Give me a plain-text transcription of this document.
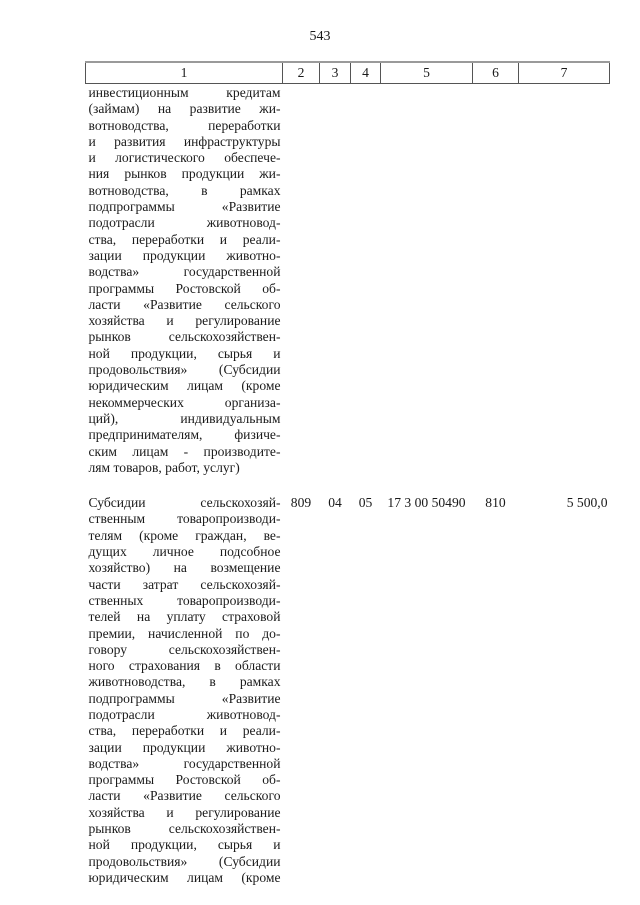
543
1	2	3	4	5	6	7

инвестиционным кредитам
(займам) на развитие жи-
вотноводства, переработки
и развития инфраструктуры
и логистического обеспече-
ния рынков продукции жи-
вотноводства, в рамках
подпрограммы «Развитие
подотрасли животновод-
ства, переработки и реали-
зации продукции животно-
водства» государственной
программы Ростовской об-
ласти «Развитие сельского
хозяйства и регулирование
рынков сельскохозяйствен-
ной продукции, сырья и
продовольствия» (Субсидии
юридическим лицам (кроме
некоммерческих организа-
ций), индивидуальным
предпринимателям, физиче-
ским лицам - производите-
лям товаров, работ, услуг)

Субсидии сельскохозяй-
ственным товаропроизводи-
телям (кроме граждан, ве-
дущих личное подсобное
хозяйство) на возмещение
части затрат сельскохозяй-
ственных товаропроизводи-
телей на уплату страховой
премии, начисленной по до-
говору сельскохозяйствен-
ного страхования в области
животноводства, в рамках
подпрограммы «Развитие
подотрасли животновод-
ства, переработки и реали-
зации продукции животно-
водства» государственной
программы Ростовской об-
ласти «Развитие сельского
хозяйства и регулирование
рынков сельскохозяйствен-
ной продукции, сырья и
продовольствия» (Субсидии
юридическим лицам (кроме
	809	04	05	17 3 00 50490	810	5 500,0
